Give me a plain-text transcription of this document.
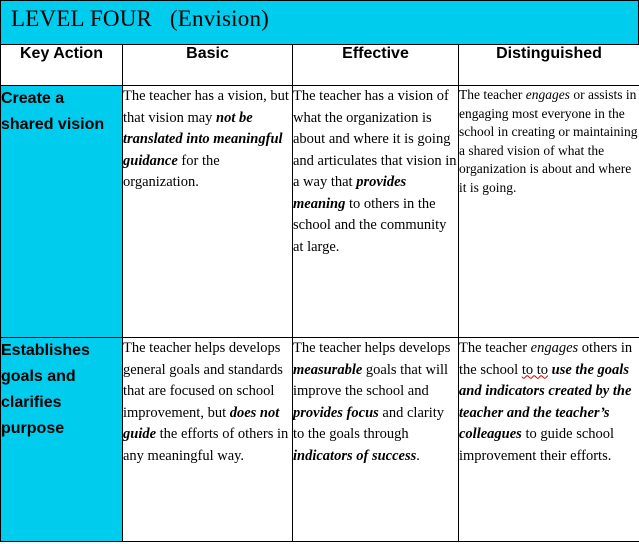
LEVEL FOUR   (Envision)
Key Action	Basic	Effective	Distinguished
Create a
shared vision	The teacher has a vision, but that vision may not be translated into meaningful guidance for the organization.	The teacher has a vision of what the organization is about and where it is going and articulates that vision in a way that provides meaning to others in the school and the community at large.	The teacher engages or assists in engaging most everyone in the school in creating or maintaining a shared vision of what the organization is about and where it is going.
Establishes
goals and
clarifies
purpose	The teacher helps develops general goals and standards that are focused on school improvement, but does not guide the efforts of others in any meaningful way.	The teacher helps develops measurable goals that will improve the school and provides focus and clarity to the goals through indicators of success.	The teacher engages others in the school to to use the goals and indicators created by the teacher and the teacher’s colleagues to guide school improvement their efforts.
